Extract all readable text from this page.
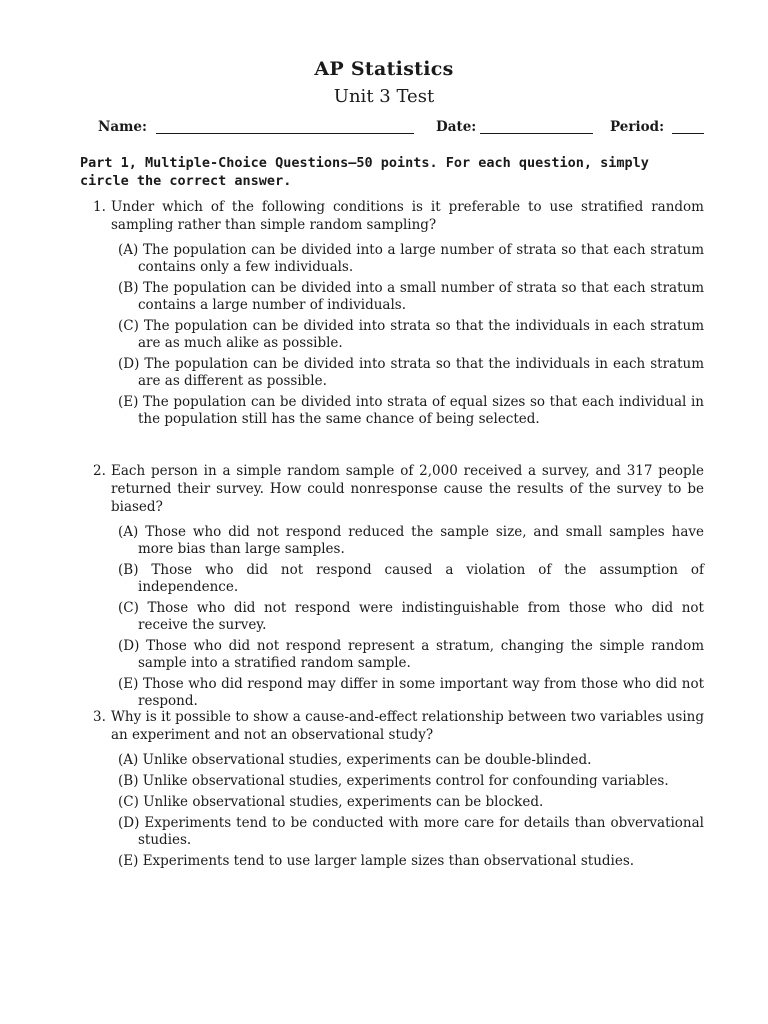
AP Statistics
Unit 3 Test
Name:	Date:	Period:
Part 1, Multiple-Choice Questions—50 points. For each question, simply circle the correct answer.
1. Under which of the following conditions is it preferable to use stratified random sampling rather than simple random sampling?
(A) The population can be divided into a large number of strata so that each stratum contains only a few individuals.
(B) The population can be divided into a small number of strata so that each stratum contains a large number of individuals.
(C) The population can be divided into strata so that the individuals in each stratum are as much alike as possible.
(D) The population can be divided into strata so that the individuals in each stratum are as different as possible.
(E) The population can be divided into strata of equal sizes so that each individual in the population still has the same chance of being selected.
2. Each person in a simple random sample of 2,000 received a survey, and 317 people returned their survey. How could nonresponse cause the results of the survey to be biased?
(A) Those who did not respond reduced the sample size, and small samples have more bias than large samples.
(B) Those who did not respond caused a violation of the assumption of independence.
(C) Those who did not respond were indistinguishable from those who did not receive the survey.
(D) Those who did not respond represent a stratum, changing the simple random sample into a stratified random sample.
(E) Those who did respond may differ in some important way from those who did not respond.
3. Why is it possible to show a cause-and-effect relationship between two variables using an experiment and not an observational study?
(A) Unlike observational studies, experiments can be double-blinded.
(B) Unlike observational studies, experiments control for confounding variables.
(C) Unlike observational studies, experiments can be blocked.
(D) Experiments tend to be conducted with more care for details than obvervational studies.
(E) Experiments tend to use larger lample sizes than observational studies.
